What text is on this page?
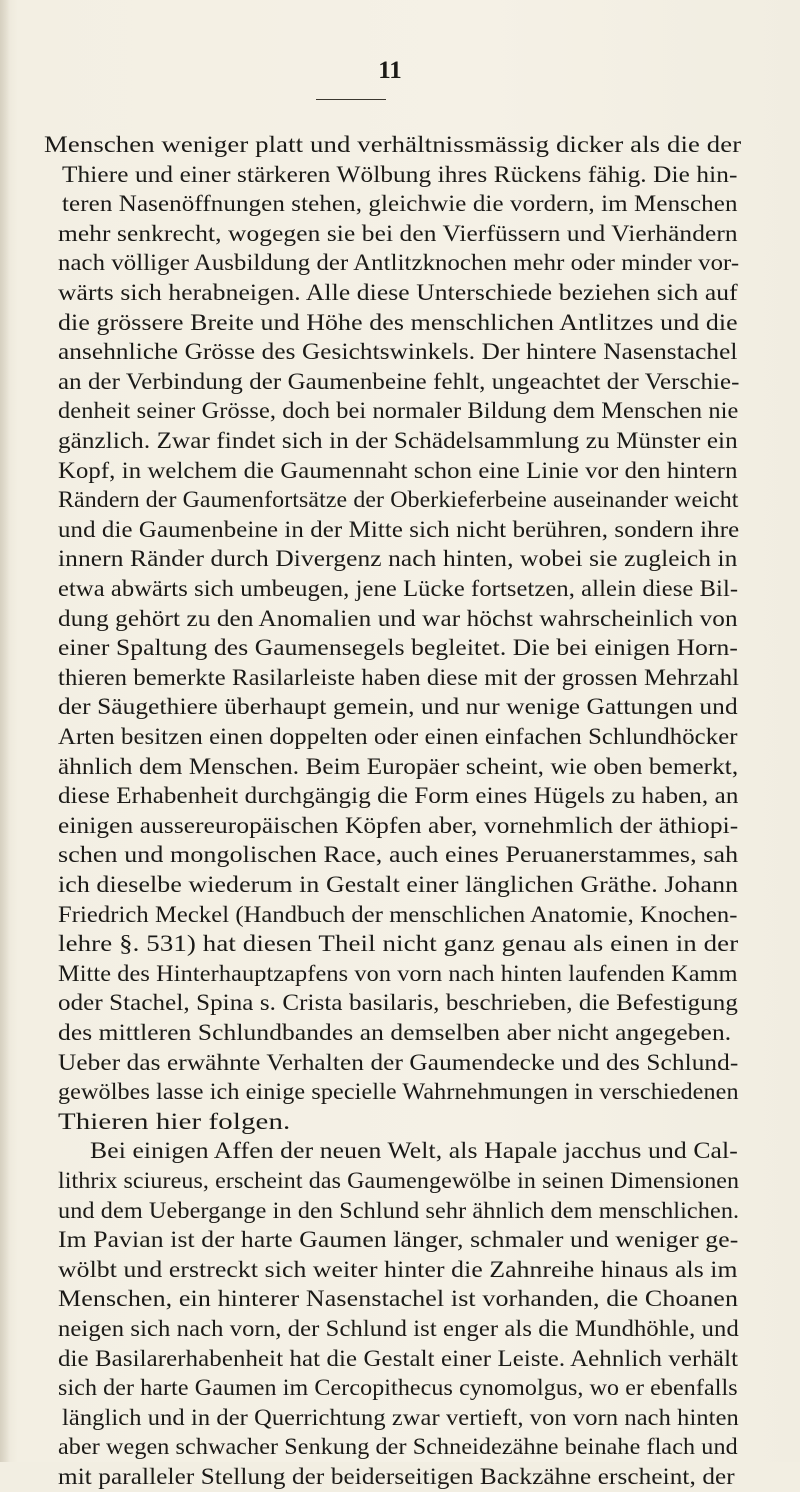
11
Menschen weniger platt und verhältnissmässig dicker als die der
Thiere und einer stärkeren Wölbung ihres Rückens fähig. Die hin-
teren Nasenöffnungen stehen, gleichwie die vordern, im Menschen
mehr senkrecht, wogegen sie bei den Vierfüssern und Vierhändern
nach völliger Ausbildung der Antlitzknochen mehr oder minder vor-
wärts sich herabneigen. Alle diese Unterschiede beziehen sich auf
die grössere Breite und Höhe des menschlichen Antlitzes und die
ansehnliche Grösse des Gesichtswinkels. Der hintere Nasenstachel
an der Verbindung der Gaumenbeine fehlt, ungeachtet der Verschie-
denheit seiner Grösse, doch bei normaler Bildung dem Menschen nie
gänzlich. Zwar findet sich in der Schädelsammlung zu Münster ein
Kopf, in welchem die Gaumennaht schon eine Linie vor den hintern
Rändern der Gaumenfortsätze der Oberkieferbeine auseinander weicht
und die Gaumenbeine in der Mitte sich nicht berühren, sondern ihre
innern Ränder durch Divergenz nach hinten, wobei sie zugleich in
etwa abwärts sich umbeugen, jene Lücke fortsetzen, allein diese Bil-
dung gehört zu den Anomalien und war höchst wahrscheinlich von
einer Spaltung des Gaumensegels begleitet. Die bei einigen Horn-
thieren bemerkte Rasilarleiste haben diese mit der grossen Mehrzahl
der Säugethiere überhaupt gemein, und nur wenige Gattungen und
Arten besitzen einen doppelten oder einen einfachen Schlundhöcker
ähnlich dem Menschen. Beim Europäer scheint, wie oben bemerkt,
diese Erhabenheit durchgängig die Form eines Hügels zu haben, an
einigen aussereuropäischen Köpfen aber, vornehmlich der äthiopi-
schen und mongolischen Race, auch eines Peruanerstammes, sah
ich dieselbe wiederum in Gestalt einer länglichen Gräthe. Johann
Friedrich Meckel (Handbuch der menschlichen Anatomie, Knochen-
lehre §. 531) hat diesen Theil nicht ganz genau als einen in der
Mitte des Hinterhauptzapfens von vorn nach hinten laufenden Kamm
oder Stachel, Spina s. Crista basilaris, beschrieben, die Befestigung
des mittleren Schlundbandes an demselben aber nicht angegeben.
Ueber das erwähnte Verhalten der Gaumendecke und des Schlund-
gewölbes lasse ich einige specielle Wahrnehmungen in verschiedenen
Thieren hier folgen.
Bei einigen Affen der neuen Welt, als Hapale jacchus und Cal-
lithrix sciureus, erscheint das Gaumengewölbe in seinen Dimensionen
und dem Uebergange in den Schlund sehr ähnlich dem menschlichen.
Im Pavian ist der harte Gaumen länger, schmaler und weniger ge-
wölbt und erstreckt sich weiter hinter die Zahnreihe hinaus als im
Menschen, ein hinterer Nasenstachel ist vorhanden, die Choanen
neigen sich nach vorn, der Schlund ist enger als die Mundhöhle, und
die Basilarerhabenheit hat die Gestalt einer Leiste. Aehnlich verhält
sich der harte Gaumen im Cercopithecus cynomolgus, wo er ebenfalls
länglich und in der Querrichtung zwar vertieft, von vorn nach hinten
aber wegen schwacher Senkung der Schneidezähne beinahe flach und
mit paralleler Stellung der beiderseitigen Backzähne erscheint, der
